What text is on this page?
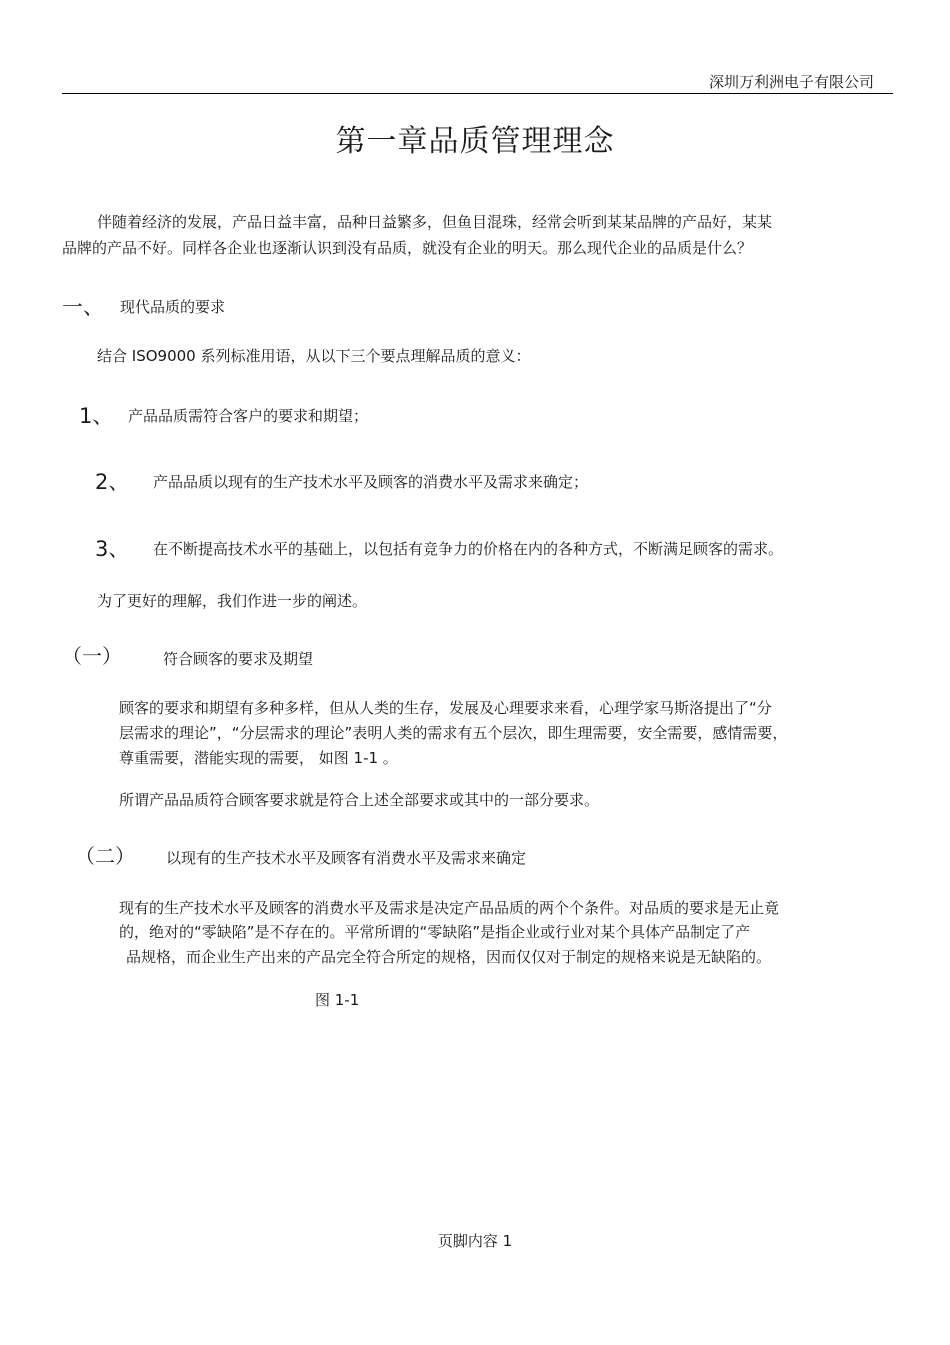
深圳万利洲电子有限公司
第一章品质管理理念
伴随着经济的发展，产品日益丰富，品种日益繁多，但鱼目混珠，经常会听到某某品牌的产品好，某某
品牌的产品不好。同样各企业也逐渐认识到没有品质，就没有企业的明天。那么现代企业的品质是什么？
一、 现代品质的要求
结合 ISO9000 系列标准用语，从以下三个要点理解品质的意义：
1、 产品品质需符合客户的要求和期望；
2、 产品品质以现有的生产技术水平及顾客的消费水平及需求来确定；
3、 在不断提高技术水平的基础上，以包括有竞争力的价格在内的各种方式，不断满足顾客的需求。
为了更好的理解，我们作进一步的阐述。
（一）	符合顾客的要求及期望
顾客的要求和期望有多种多样，但从人类的生存，发展及心理要求来看，心理学家马斯洛提出了“分
层需求的理论”，“分层需求的理论”表明人类的需求有五个层次，即生理需要，安全需要，感情需要，
尊重需要，潜能实现的需要， 如图 1-1 。
所谓产品品质符合顾客要求就是符合上述全部要求或其中的一部分要求。
（二） 以现有的生产技术水平及顾客有消费水平及需求来确定
现有的生产技术水平及顾客的消费水平及需求是决定产品品质的两个个条件。对品质的要求是无止竟
的，绝对的“零缺陷”是不存在的。平常所谓的“零缺陷”是指企业或行业对某个具体产品制定了产
品规格，而企业生产出来的产品完全符合所定的规格，因而仅仅对于制定的规格来说是无缺陷的。
图 1-1
页脚内容 1
